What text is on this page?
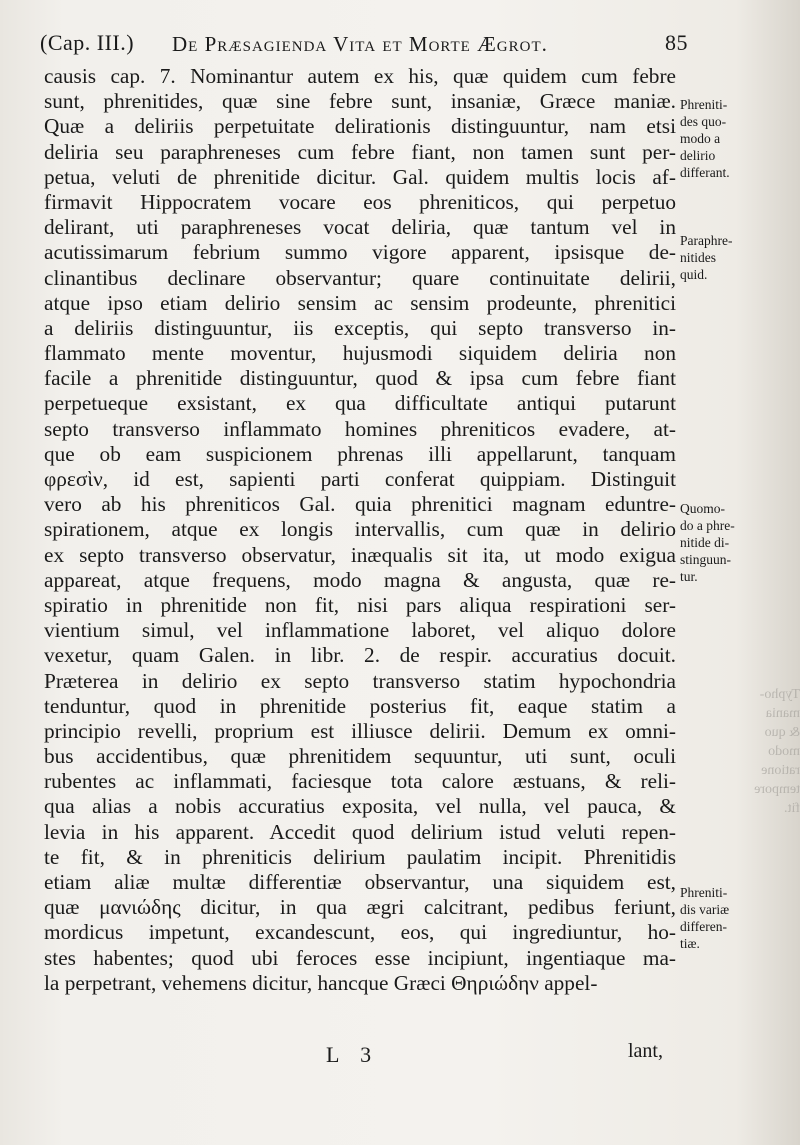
(Cap. III.) De Præsagienda Vita et Morte Ægrot.	85
causis cap. 7. Nominantur autem ex his, quæ quidem cum febre
sunt, phrenitides, quæ sine febre sunt, insaniæ, Græce maniæ.
Quæ a deliriis perpetuitate delirationis distinguuntur, nam etsi
deliria seu paraphreneses cum febre fiant, non tamen sunt per-
petua, veluti de phrenitide dicitur. Gal. quidem multis locis af-
firmavit Hippocratem vocare eos phreniticos, qui perpetuo
delirant, uti paraphreneses vocat deliria, quæ tantum vel in
acutissimarum febrium summo vigore apparent, ipsisque de-
clinantibus declinare observantur; quare continuitate delirii,
atque ipso etiam delirio sensim ac sensim prodeunte, phrenitici
a deliriis distinguuntur, iis exceptis, qui septo transverso in-
flammato mente moventur, hujusmodi siquidem deliria non
facile a phrenitide distinguuntur, quod & ipsa cum febre fiant
perpetueque exsistant, ex qua difficultate antiqui putarunt
septo transverso inflammato homines phreniticos evadere, at-
que ob eam suspicionem phrenas illi appellarunt, tanquam
φρεσὶν, id est, sapienti parti conferat quippiam. Distinguit
vero ab his phreniticos Gal. quia phrenitici magnam eduntre-
spirationem, atque ex longis intervallis, cum quæ in delirio
ex septo transverso observatur, inæqualis sit ita, ut modo exigua
appareat, atque frequens, modo magna & angusta, quæ re-
spiratio in phrenitide non fit, nisi pars aliqua respirationi ser-
vientium simul, vel inflammatione laboret, vel aliquo dolore
vexetur, quam Galen. in libr. 2. de respir. accuratius docuit.
Præterea in delirio ex septo transverso statim hypochondria
tenduntur, quod in phrenitide posterius fit, eaque statim a
principio revelli, proprium est illiusce delirii. Demum ex omni-
bus accidentibus, quæ phrenitidem sequuntur, uti sunt, oculi
rubentes ac inflammati, faciesque tota calore æstuans, & reli-
qua alias a nobis accuratius exposita, vel nulla, vel pauca, &
levia in his apparent. Accedit quod delirium istud veluti repen-
te fit, & in phreniticis delirium paulatim incipit. Phrenitidis
etiam aliæ multæ differentiæ observantur, una siquidem est,
quæ μανιώδης dicitur, in qua ægri calcitrant, pedibus feriunt,
mordicus impetunt, excandescunt, eos, qui ingrediuntur, ho-
stes habentes; quod ubi feroces esse incipiunt, ingentiaque ma-
la perpetrant, vehemens dicitur, hancque Græci Θηριώδην appel-
Phreniti-
des quo-
modo a
delirio
differant.
Paraphre-
nitides
quid.
Quomo-
do a phre-
nitide di-
stinguun-
tur.
Phreniti-
dis variæ
differen-
tiæ.
Typho-
mania
& quo
modo
ratione
tempore
fit.
L 3	lant,
